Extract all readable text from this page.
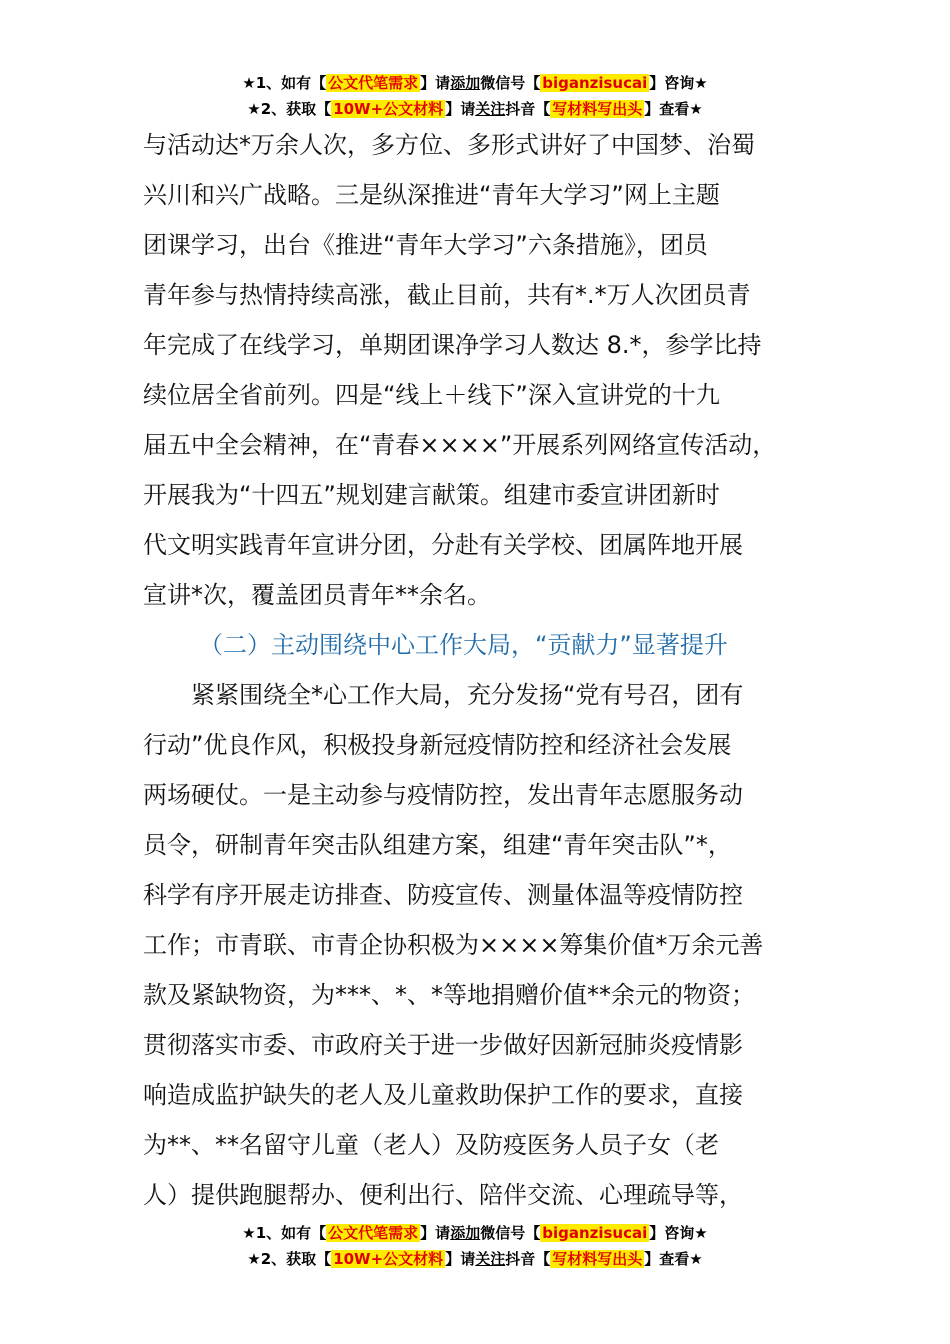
★1、如有【 公文代笔需求 】请添加微信号【 biganzisucai 】咨询★
★2、获取【 10W+公文材料 】请关注抖音【 写材料写出头 】查看★
与活动达*万余人次，多方位、多形式讲好了中国梦、治蜀
兴川和兴广战略。三是纵深推进“青年大学习”网上主题
团课学习，出台《推进“青年大学习”六条措施》，团员
青年参与热情持续高涨，截止目前，共有*.*万人次团员青
年完成了在线学习，单期团课净学习人数达 8.*，参学比持
续位居全省前列。四是“线上＋线下”深入宣讲党的十九
届五中全会精神，在“青春××××”开展系列网络宣传活动，
开展我为“十四五”规划建言献策。组建市委宣讲团新时
代文明实践青年宣讲分团，分赴有关学校、团属阵地开展
宣讲*次，覆盖团员青年**余名。
（二）主动围绕中心工作大局，“贡献力”显著提升
紧紧围绕全*心工作大局，充分发扬“党有号召，团有
行动”优良作风，积极投身新冠疫情防控和经济社会发展
两场硬仗。一是主动参与疫情防控，发出青年志愿服务动
员令，研制青年突击队组建方案，组建“青年突击队”*，
科学有序开展走访排查、防疫宣传、测量体温等疫情防控
工作；市青联、市青企协积极为××××筹集价值*万余元善
款及紧缺物资，为***、*、*等地捐赠价值**余元的物资；
贯彻落实市委、市政府关于进一步做好因新冠肺炎疫情影
响造成监护缺失的老人及儿童救助保护工作的要求，直接
为**、**名留守儿童（老人）及防疫医务人员子女（老
人）提供跑腿帮办、便利出行、陪伴交流、心理疏导等，
★1、如有【 公文代笔需求 】请添加微信号【 biganzisucai 】咨询★
★2、获取【 10W+公文材料 】请关注抖音【 写材料写出头 】查看★
